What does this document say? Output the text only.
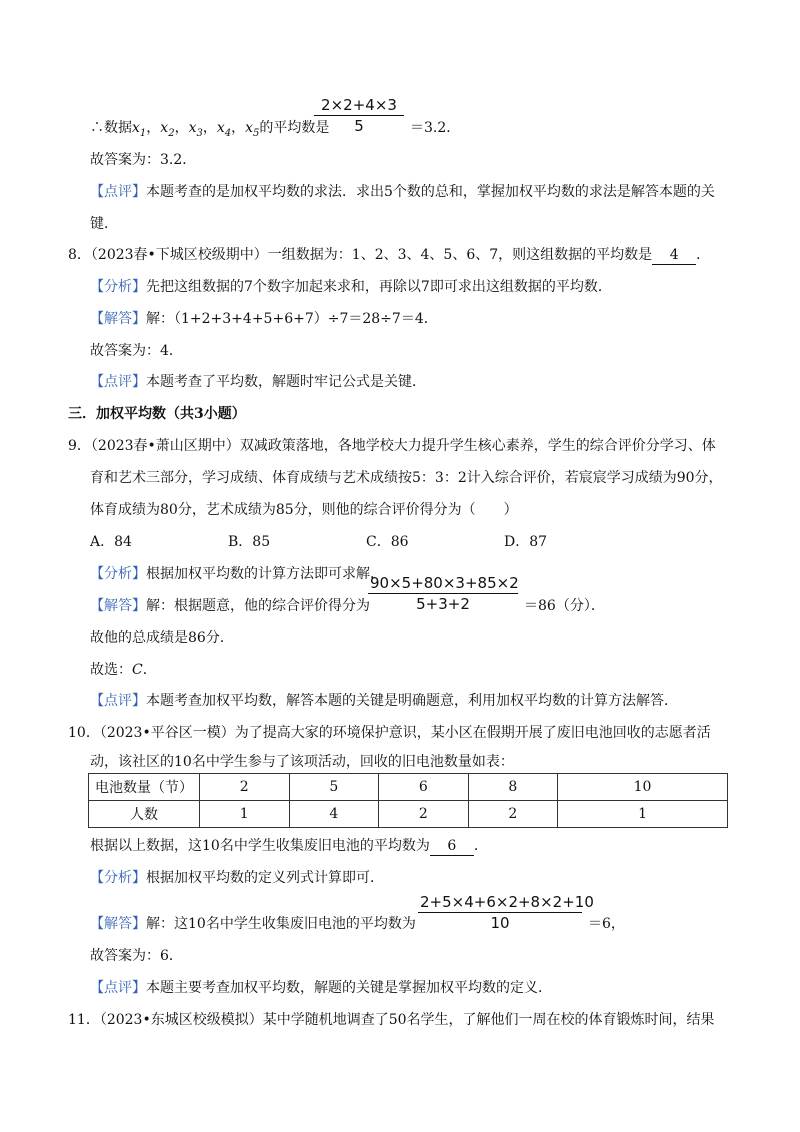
$\frac{2\times 2+4\times 3}{5}$
∴数据$x_1$，$x_2$，$x_3$，$x_4$，$x_5$的平均数是	＝3.2．
故答案为：3.2．
【点评】本题考查的是加权平均数的求法．求出5个数的总和，掌握加权平均数的求法是解答本题的关
键．
8．（2023春•下城区校级期中）一组数据为：1、2、3、4、5、6、7，则这组数据的平均数是 4 ．
【分析】先把这组数据的7个数字加起来求和，再除以7即可求出这组数据的平均数．
【解答】解：（1+2+3+4+5+6+7）÷7＝28÷7＝4．
故答案为：4．
【点评】本题考查了平均数，解题时牢记公式是关键．
三．加权平均数（共3小题）
9．（2023春•萧山区期中）双减政策落地，各地学校大力提升学生核心素养，学生的综合评价分学习、体
育和艺术三部分，学习成绩、体育成绩与艺术成绩按5：3：2计入综合评价，若宸宸学习成绩为90分，
体育成绩为80分，艺术成绩为85分，则他的综合评价得分为（　　）
A．84	B．85	C．86	D．87
【分析】根据加权平均数的计算方法即可求解．
$\frac{90\times 5+80\times 3+85\times 2}{5+3+2}$
【解答】解：根据题意，他的综合评价得分为	＝86（分）．
故他的总成绩是86分．
故选：C．
【点评】本题考查加权平均数，解答本题的关键是明确题意，利用加权平均数的计算方法解答．
10．（2023•平谷区一模）为了提高大家的环境保护意识，某小区在假期开展了废旧电池回收的志愿者活
动，该社区的10名中学生参与了该项活动，回收的旧电池数量如表：
电池数量（节）	2	5	6	8	10
人数	1	4	2	2	1
根据以上数据，这10名中学生收集废旧电池的平均数为 6 ．
【分析】根据加权平均数的定义列式计算即可．
$\frac{2+5\times 4+6\times 2+8\times 2+10}{10}$
【解答】解：这10名中学生收集废旧电池的平均数为	＝6，
故答案为：6．
【点评】本题主要考查加权平均数，解题的关键是掌握加权平均数的定义．
11．（2023•东城区校级模拟）某中学随机地调查了50名学生，了解他们一周在校的体育锻炼时间，结果
